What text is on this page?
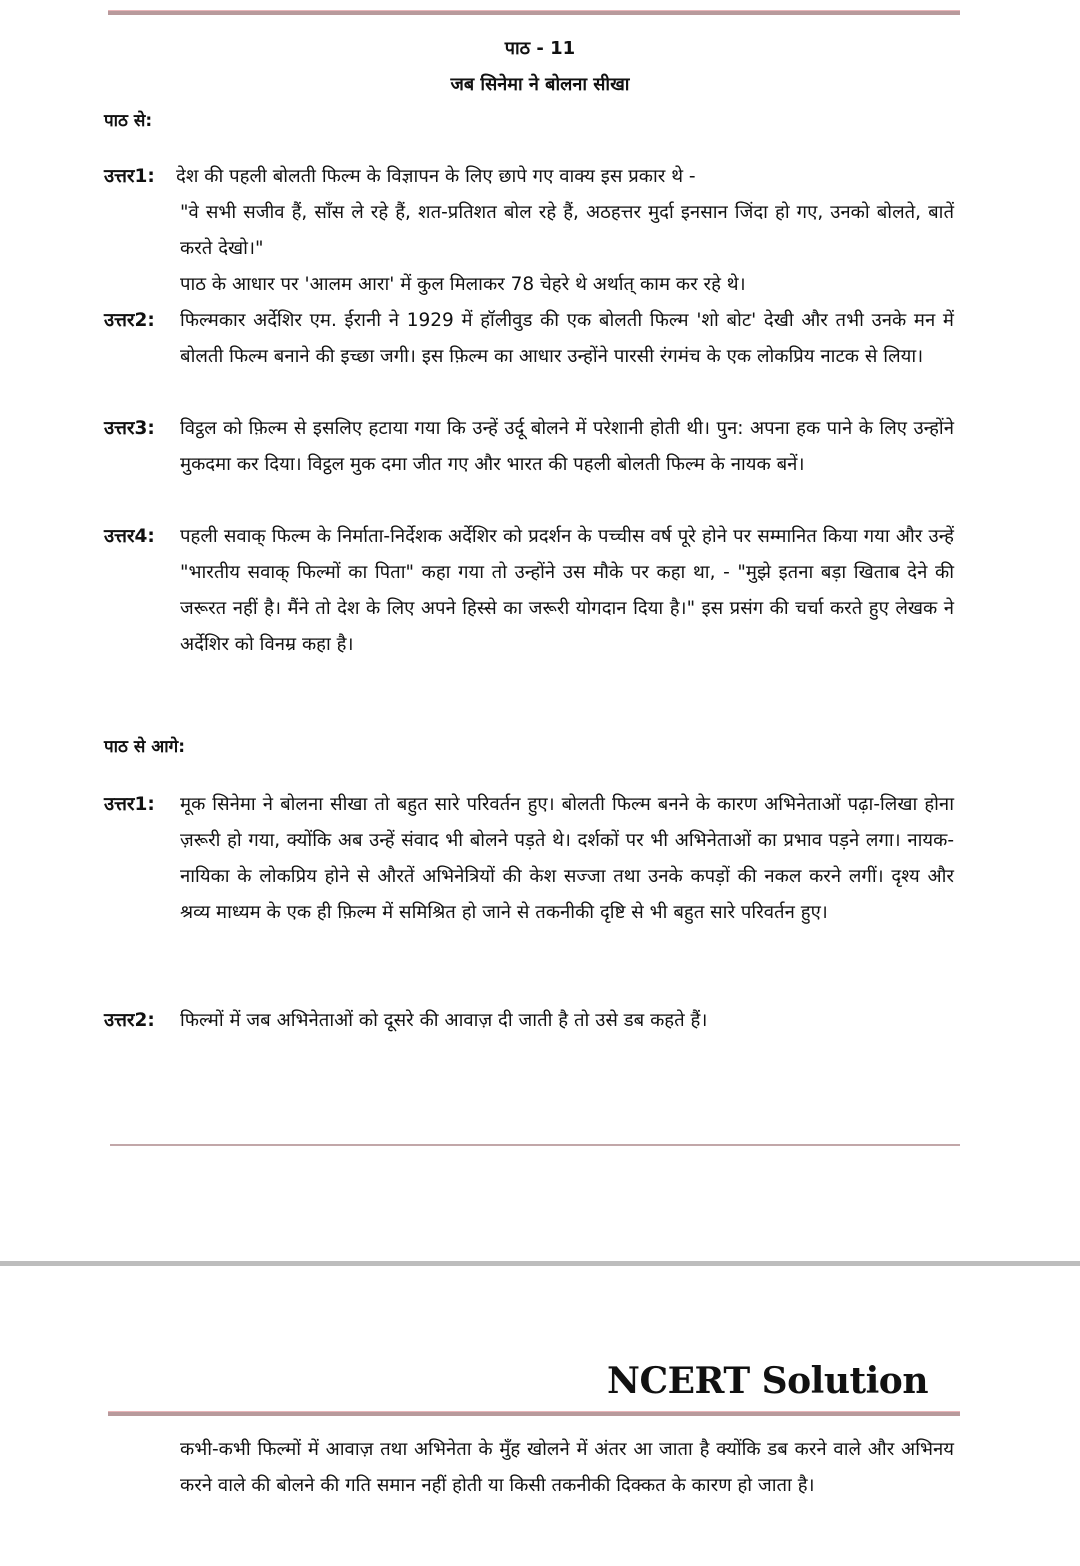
पाठ - 11
जब सिनेमा ने बोलना सीखा
पाठ से:
उत्तर1: देश की पहली बोलती फिल्म के विज्ञापन के लिए छापे गए वाक्य इस प्रकार थे -

"वे सभी सजीव हैं, साँस ले रहे हैं, शत-प्रतिशत बोल रहे हैं, अठहत्तर मुर्दा इनसान जिंदा हो गए, उनको बोलते, बातें करते देखो।"

पाठ के आधार पर 'आलम आरा' में कुल मिलाकर 78 चेहरे थे अर्थात् काम कर रहे थे।

उत्तर2: फिल्मकार अर्देशिर एम. ईरानी ने 1929 में हॉलीवुड की एक बोलती फिल्म 'शो बोट' देखी और तभी उनके मन में बोलती फिल्म बनाने की इच्छा जगी। इस फ़िल्म का आधार उन्होंने पारसी रंगमंच के एक लोकप्रिय नाटक से लिया।

उत्तर3: विट्ठल को फ़िल्म से इसलिए हटाया गया कि उन्हें उर्दू बोलने में परेशानी होती थी। पुन: अपना हक पाने के लिए उन्होंने मुकदमा कर दिया। विट्ठल मुक दमा जीत गए और भारत की पहली बोलती फिल्म के नायक बनें।

उत्तर4: पहली सवाक् फिल्म के निर्माता-निर्देशक अर्देशिर को प्रदर्शन के पच्चीस वर्ष पूरे होने पर सम्मानित किया गया और उन्हें "भारतीय सवाक् फिल्मों का पिता" कहा गया तो उन्होंने उस मौके पर कहा था, - "मुझे इतना बड़ा खिताब देने की जरूरत नहीं है। मैंने तो देश के लिए अपने हिस्से का जरूरी योगदान दिया है।" इस प्रसंग की चर्चा करते हुए लेखक ने अर्देशिर को विनम्र कहा है।

पाठ से आगे:
उत्तर1: मूक सिनेमा ने बोलना सीखा तो बहुत सारे परिवर्तन हुए। बोलती फिल्म बनने के कारण अभिनेताओं पढ़ा-लिखा होना ज़रूरी हो गया, क्योंकि अब उन्हें संवाद भी बोलने पड़ते थे। दर्शकों पर भी अभिनेताओं का प्रभाव पड़ने लगा। नायक-नायिका के लोकप्रिय होने से औरतें अभिनेत्रियों की केश सज्जा तथा उनके कपड़ों की नकल करने लगीं। दृश्य और श्रव्य माध्यम के एक ही फ़िल्म में समिश्रित हो जाने से तकनीकी दृष्टि से भी बहुत सारे परिवर्तन हुए।

उत्तर2: फिल्मों में जब अभिनेताओं को दूसरे की आवाज़ दी जाती है तो उसे डब कहते हैं।

NCERT Solution
कभी-कभी फिल्मों में आवाज़ तथा अभिनेता के मुँह खोलने में अंतर आ जाता है क्योंकि डब करने वाले और अभिनय करने वाले की बोलने की गति समान नहीं होती या किसी तकनीकी दिक्कत के कारण हो जाता है।
